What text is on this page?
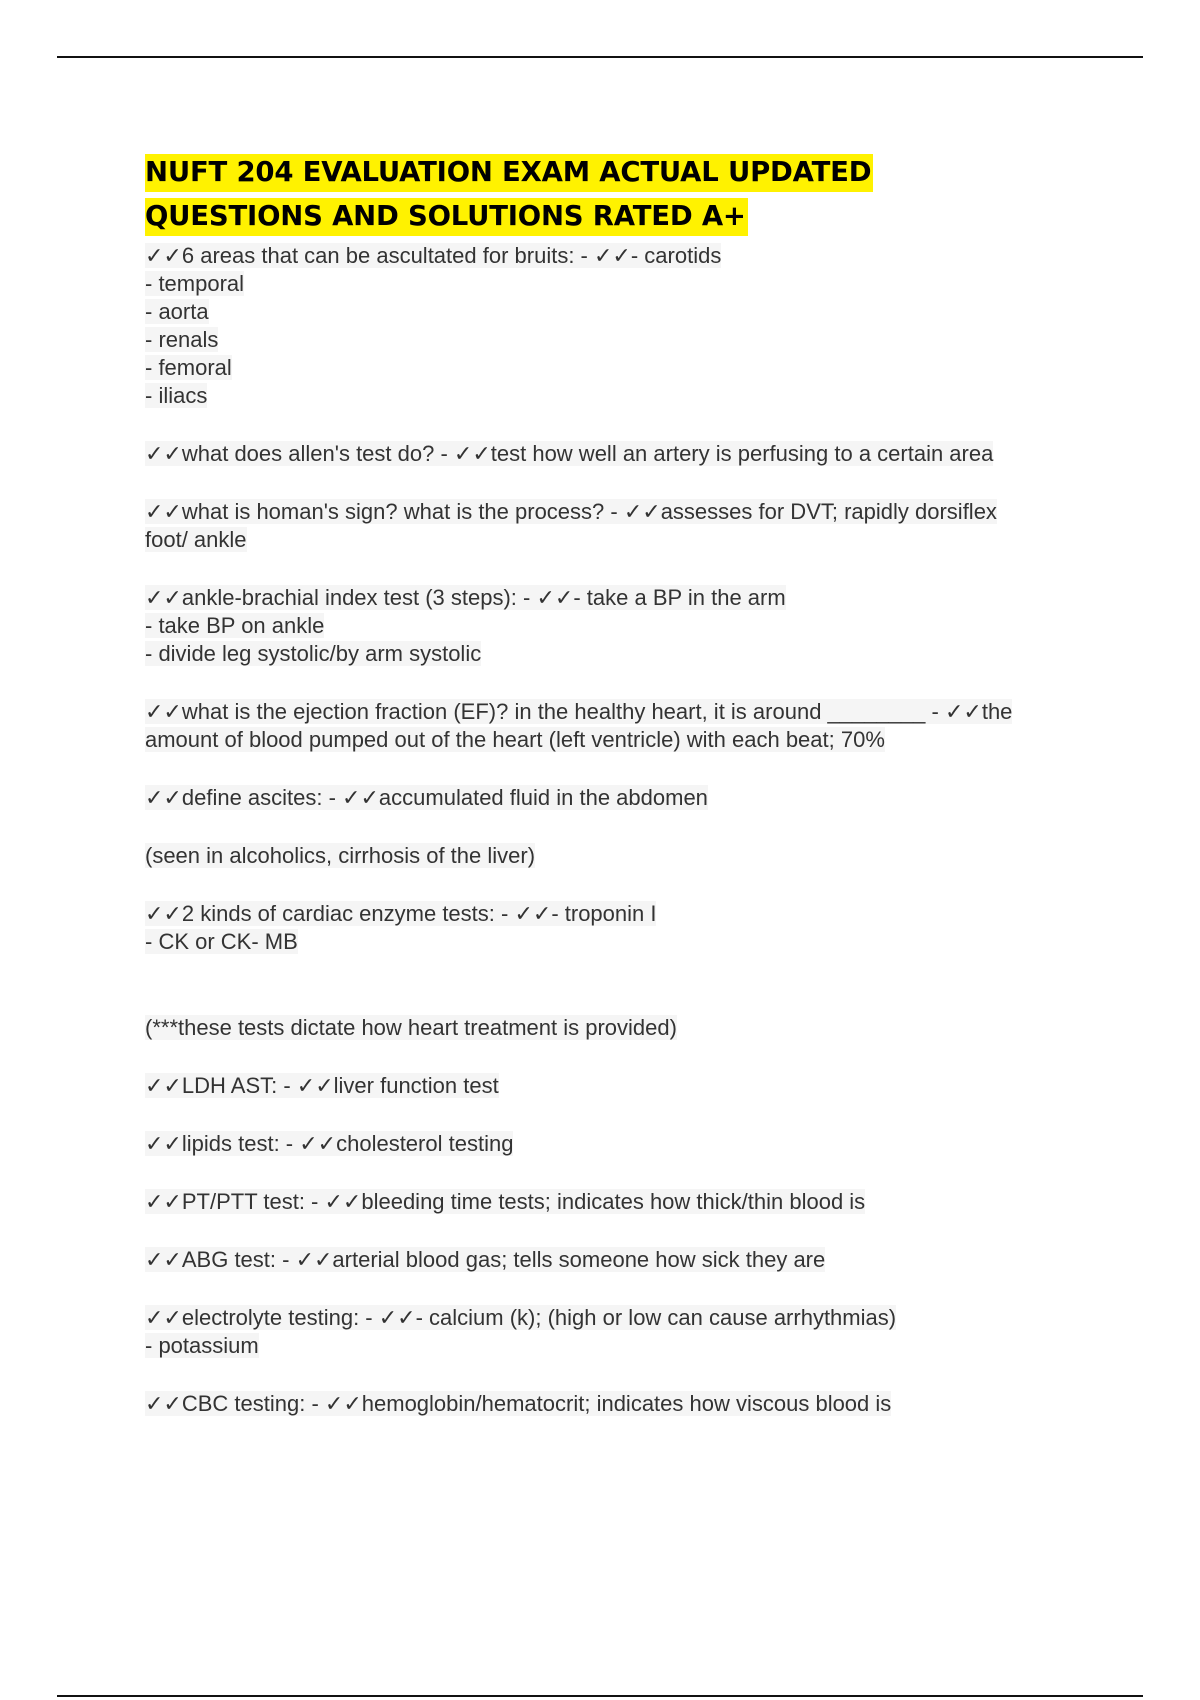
NUFT 204 EVALUATION EXAM ACTUAL UPDATED
QUESTIONS AND SOLUTIONS RATED A+
✓✓6 areas that can be ascultated for bruits: - ✓✓- carotids
- temporal
- aorta
- renals
- femoral
- iliacs
✓✓what does allen's test do? - ✓✓test how well an artery is perfusing to a certain area
✓✓what is homan's sign? what is the process? - ✓✓assesses for DVT; rapidly dorsiflex
foot/ ankle
✓✓ankle-brachial index test (3 steps): - ✓✓- take a BP in the arm
- take BP on ankle
- divide leg systolic/by arm systolic
✓✓what is the ejection fraction (EF)? in the healthy heart, it is around ________ - ✓✓the
amount of blood pumped out of the heart (left ventricle) with each beat; 70%
✓✓define ascites: - ✓✓accumulated fluid in the abdomen
(seen in alcoholics, cirrhosis of the liver)
✓✓2 kinds of cardiac enzyme tests: - ✓✓- troponin I
- CK or CK- MB
(***these tests dictate how heart treatment is provided)
✓✓LDH AST: - ✓✓liver function test
✓✓lipids test: - ✓✓cholesterol testing
✓✓PT/PTT test: - ✓✓bleeding time tests; indicates how thick/thin blood is
✓✓ABG test: - ✓✓arterial blood gas; tells someone how sick they are
✓✓electrolyte testing: - ✓✓- calcium (k); (high or low can cause arrhythmias)
- potassium
✓✓CBC testing: - ✓✓hemoglobin/hematocrit; indicates how viscous blood is
